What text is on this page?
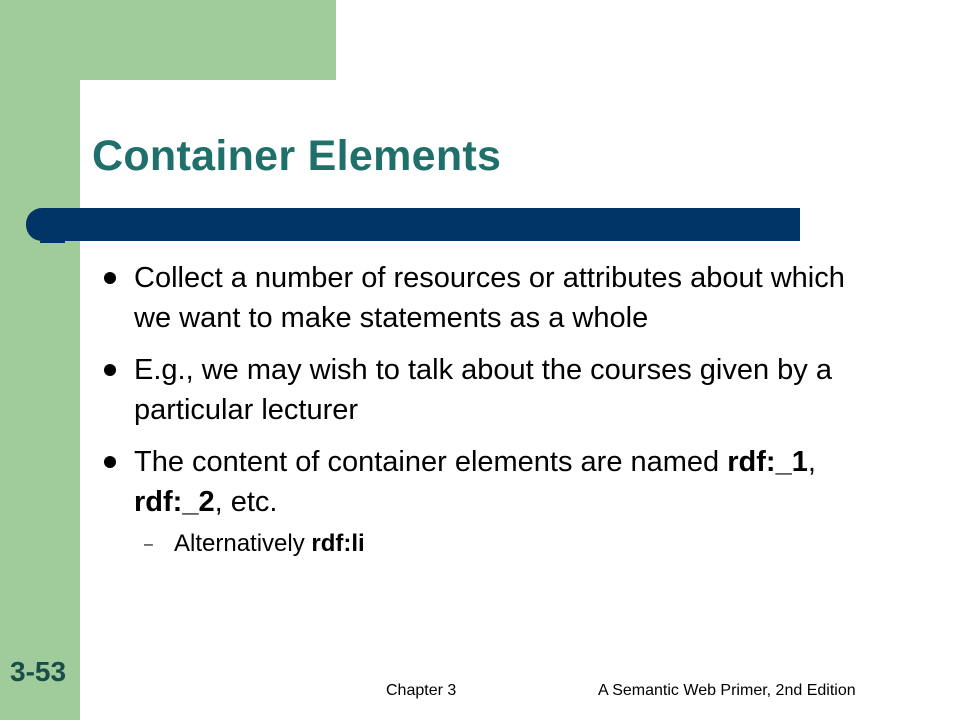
Container Elements
Collect a number of resources or attributes about which we want to make statements as a whole
E.g., we may wish to talk about the courses given by a particular lecturer
The content of container elements are named rdf:_1, rdf:_2, etc.
– Alternatively rdf:li
3-53
Chapter 3	A Semantic Web Primer, 2nd Edition
